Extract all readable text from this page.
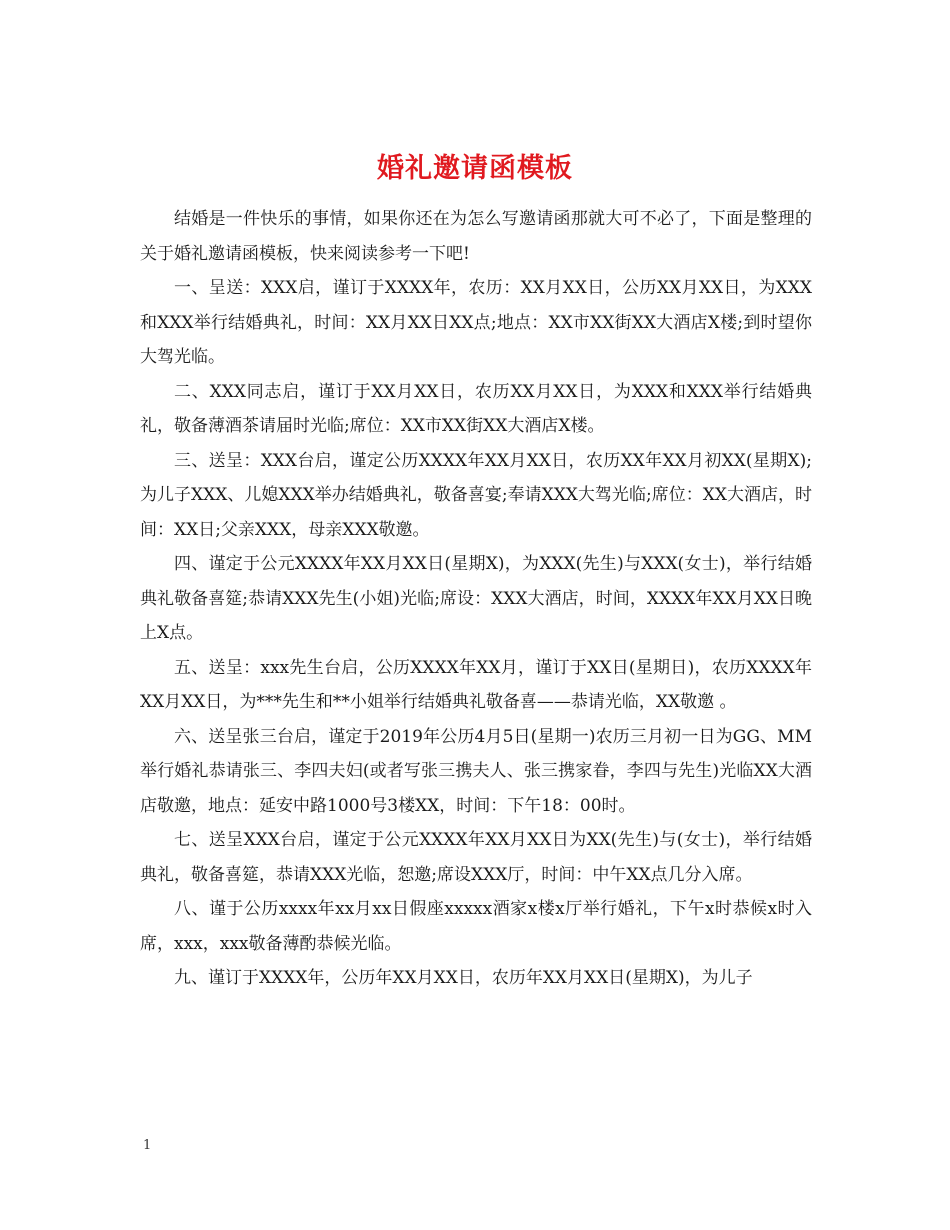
婚礼邀请函模板

结婚是一件快乐的事情，如果你还在为怎么写邀请函那就大可不必了，下面是整理的关于婚礼邀请函模板，快来阅读参考一下吧!

一、呈送：XXX启，谨订于XXXX年，农历：XX月XX日，公历XX月XX日，为XXX和XXX举行结婚典礼，时间：XX月XX日XX点;地点：XX市XX街XX大酒店X楼;到时望你大驾光临。

二、XXX同志启，谨订于XX月XX日，农历XX月XX日，为XXX和XXX举行结婚典礼，敬备薄酒茶请届时光临;席位：XX市XX街XX大酒店X楼。

三、送呈：XXX台启，谨定公历XXXX年XX月XX日，农历XX年XX月初XX(星期X);为儿子XXX、儿媳XXX举办结婚典礼，敬备喜宴;奉请XXX大驾光临;席位：XX大酒店，时间：XX日;父亲XXX，母亲XXX敬邀。

四、谨定于公元XXXX年XX月XX日(星期X)，为XXX(先生)与XXX(女士)，举行结婚典礼敬备喜筵;恭请XXX先生(小姐)光临;席设：XXX大酒店，时间，XXXX年XX月XX日晚上X点。

五、送呈：xxx先生台启，公历XXXX年XX月，谨订于XX日(星期日)，农历XXXX年XX月XX日，为***先生和**小姐举行结婚典礼敬备喜——恭请光临，XX敬邀 。

六、送呈张三台启，谨定于2019年公历4月5日(星期一)农历三月初一日为GG、MM举行婚礼恭请张三、李四夫妇(或者写张三携夫人、张三携家眷，李四与先生)光临XX大酒店敬邀，地点：延安中路1000号3楼XX，时间：下午18：00时。

七、送呈XXX台启，谨定于公元XXXX年XX月XX日为XX(先生)与(女士)，举行结婚典礼，敬备喜筵，恭请XXX光临，恕邀;席设XXX厅，时间：中午XX点几分入席。

八、谨于公历xxxx年xx月xx日假座xxxxx酒家x楼x厅举行婚礼，下午x时恭候x时入席，xxx，xxx敬备薄酌恭候光临。

九、谨订于XXXX年，公历年XX月XX日，农历年XX月XX日(星期X)，为儿子

1
